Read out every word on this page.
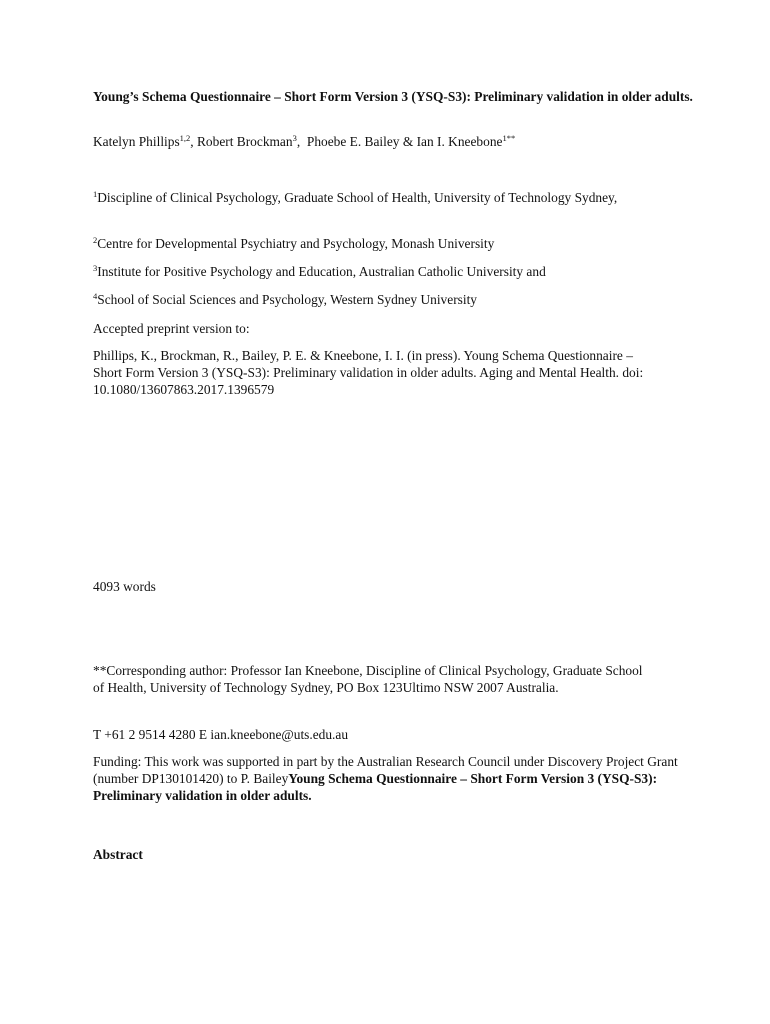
Young’s Schema Questionnaire – Short Form Version 3 (YSQ-S3): Preliminary validation in older adults.

Katelyn Phillips$^{1,2}$, Robert Brockman$^3$,  Phoebe E. Bailey & Ian I. Kneebone$^{1**}$

$^1$Discipline of Clinical Psychology, Graduate School of Health, University of Technology Sydney,

$^2$Centre for Developmental Psychiatry and Psychology, Monash University

$^3$Institute for Positive Psychology and Education, Australian Catholic University and

$^4$School of Social Sciences and Psychology, Western Sydney University

Accepted preprint version to:

Phillips, K., Brockman, R., Bailey, P. E. & Kneebone, I. I. (in press). Young Schema Questionnaire – Short Form Version 3 (YSQ-S3): Preliminary validation in older adults. Aging and Mental Health. doi: 10.1080/13607863.2017.1396579

4093 words

**Corresponding author: Professor Ian Kneebone, Discipline of Clinical Psychology, Graduate School of Health, University of Technology Sydney, PO Box 123Ultimo NSW 2007 Australia.

T +61 2 9514 4280 E ian.kneebone@uts.edu.au

Funding: This work was supported in part by the Australian Research Council under Discovery Project Grant (number DP130101420) to P. BaileyYoung Schema Questionnaire – Short Form Version 3 (YSQ-S3): Preliminary validation in older adults.

Abstract
